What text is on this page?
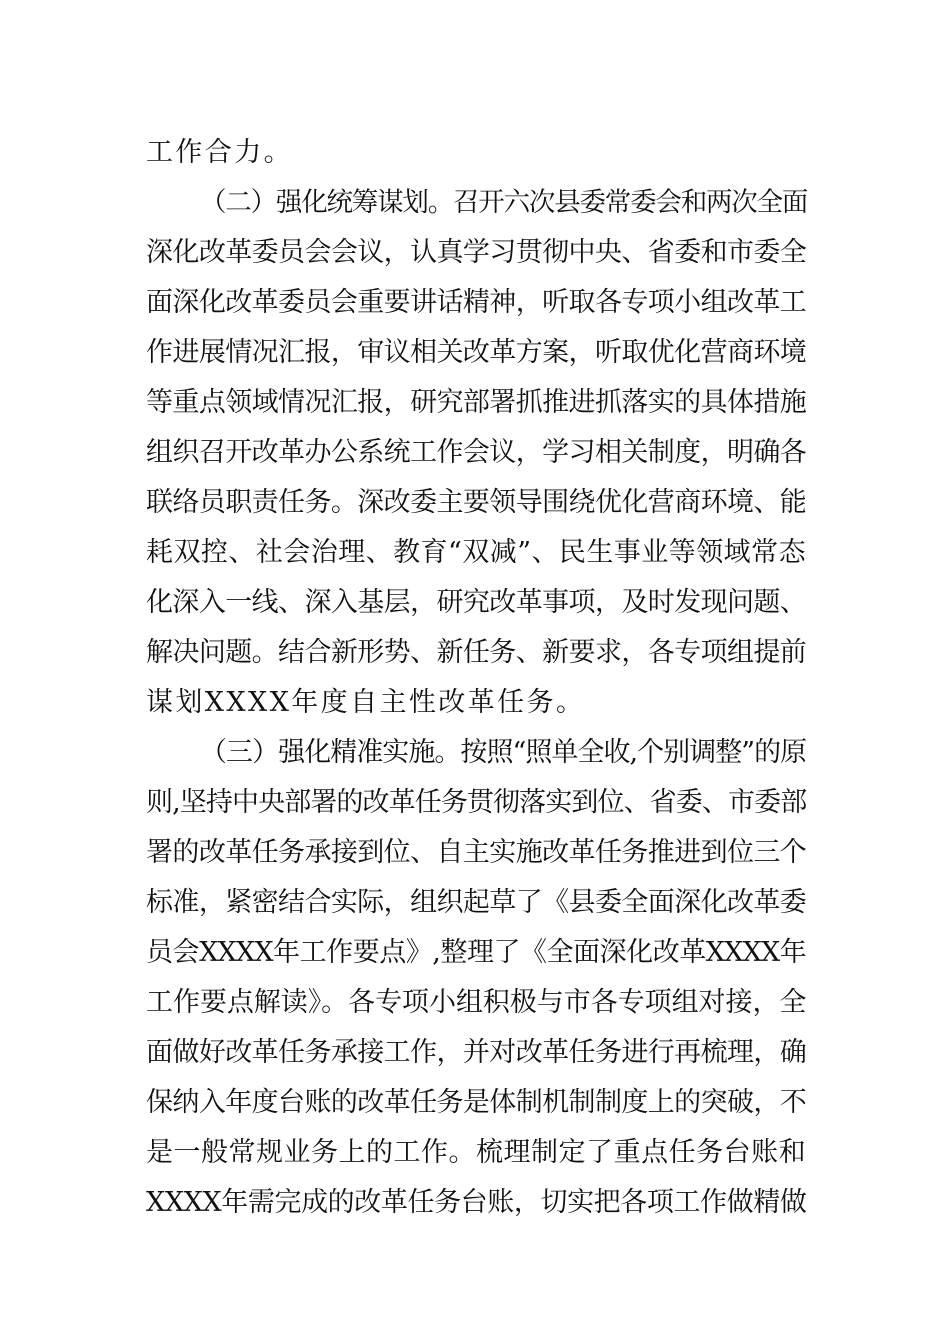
工作合力。
（二）强化统筹谋划。召开六次县委常委会和两次全面
深化改革委员会会议，认真学习贯彻中央、省委和市委全
面深化改革委员会重要讲话精神，听取各专项小组改革工
作进展情况汇报，审议相关改革方案，听取优化营商环境
等重点领域情况汇报，研究部署抓推进抓落实的具体措施
组织召开改革办公系统工作会议，学习相关制度，明确各
联络员职责任务。深改委主要领导围绕优化营商环境、能
耗双控、社会治理、教育“双减”、民生事业等领域常态
化深入一线、深入基层，研究改革事项，及时发现问题、
解决问题。结合新形势、新任务、新要求，各专项组提前
谋划XXXX年度自主性改革任务。
（三）强化精准实施。按照“照单全收,个别调整”的原
则,坚持中央部署的改革任务贯彻落实到位、省委、市委部
署的改革任务承接到位、自主实施改革任务推进到位三个
标准，紧密结合实际，组织起草了《县委全面深化改革委
员会XXXX年工作要点》,整理了《全面深化改革XXXX年
工作要点解读》。各专项小组积极与市各专项组对接，全
面做好改革任务承接工作，并对改革任务进行再梳理，确
保纳入年度台账的改革任务是体制机制制度上的突破，不
是一般常规业务上的工作。梳理制定了重点任务台账和
XXXX年需完成的改革任务台账，切实把各项工作做精做
